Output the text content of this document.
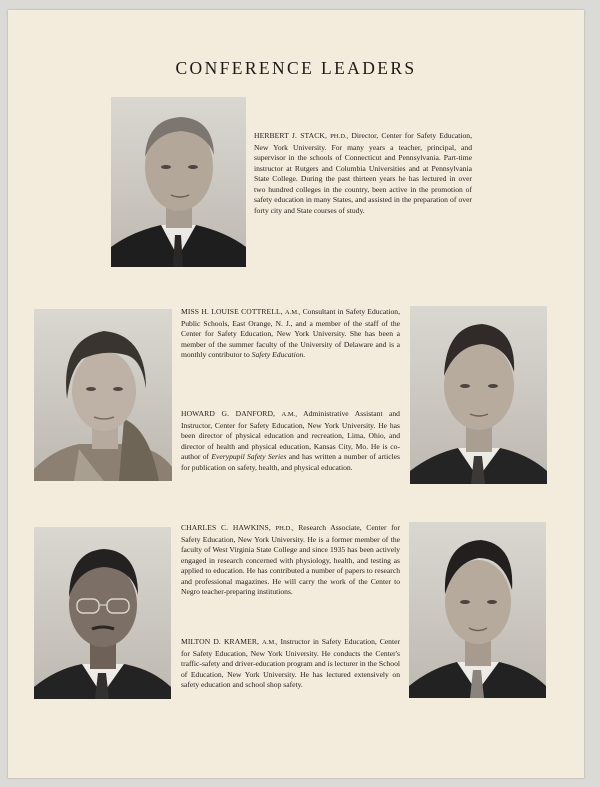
CONFERENCE LEADERS

HERBERT J. STACK, PH.D., Director, Center for Safety Education, New York University. For many years a teacher, principal, and supervisor in the schools of Connecticut and Pennsylvania. Part-time instructor at Rutgers and Columbia Universities and at Pennsylvania State College. During the past thirteen years he has lectured in over two hundred colleges in the country, been active in the promotion of safety education in many States, and assisted in the preparation of over forty city and State courses of study.

MISS H. LOUISE COTTRELL, A.M., Consultant in Safety Education, Public Schools, East Orange, N. J., and a member of the staff of the Center for Safety Education, New York University. She has been a member of the summer faculty of the University of Delaware and is a monthly contributor to Safety Education.

HOWARD G. DANFORD, A.M., Administrative Assistant and Instructor, Center for Safety Education, New York University. He has been director of physical education and recreation, Lima, Ohio, and director of health and physical education, Kansas City, Mo. He is co-author of Everypupil Safety Series and has written a number of articles for publication on safety, health, and physical education.

CHARLES C. HAWKINS, PH.D., Research Associate, Center for Safety Education, New York University. He is a former member of the faculty of West Virginia State College and since 1935 has been actively engaged in research concerned with physiology, health, and testing as applied to education. He has contributed a number of papers to research and professional magazines. He will carry the work of the Center to Negro teacher-preparing institutions.

MILTON D. KRAMER, A.M., Instructor in Safety Education, Center for Safety Education, New York University. He conducts the Center's traffic-safety and driver-education program and is lecturer in the School of Education, New York University. He has lectured extensively on safety education and school shop safety.
